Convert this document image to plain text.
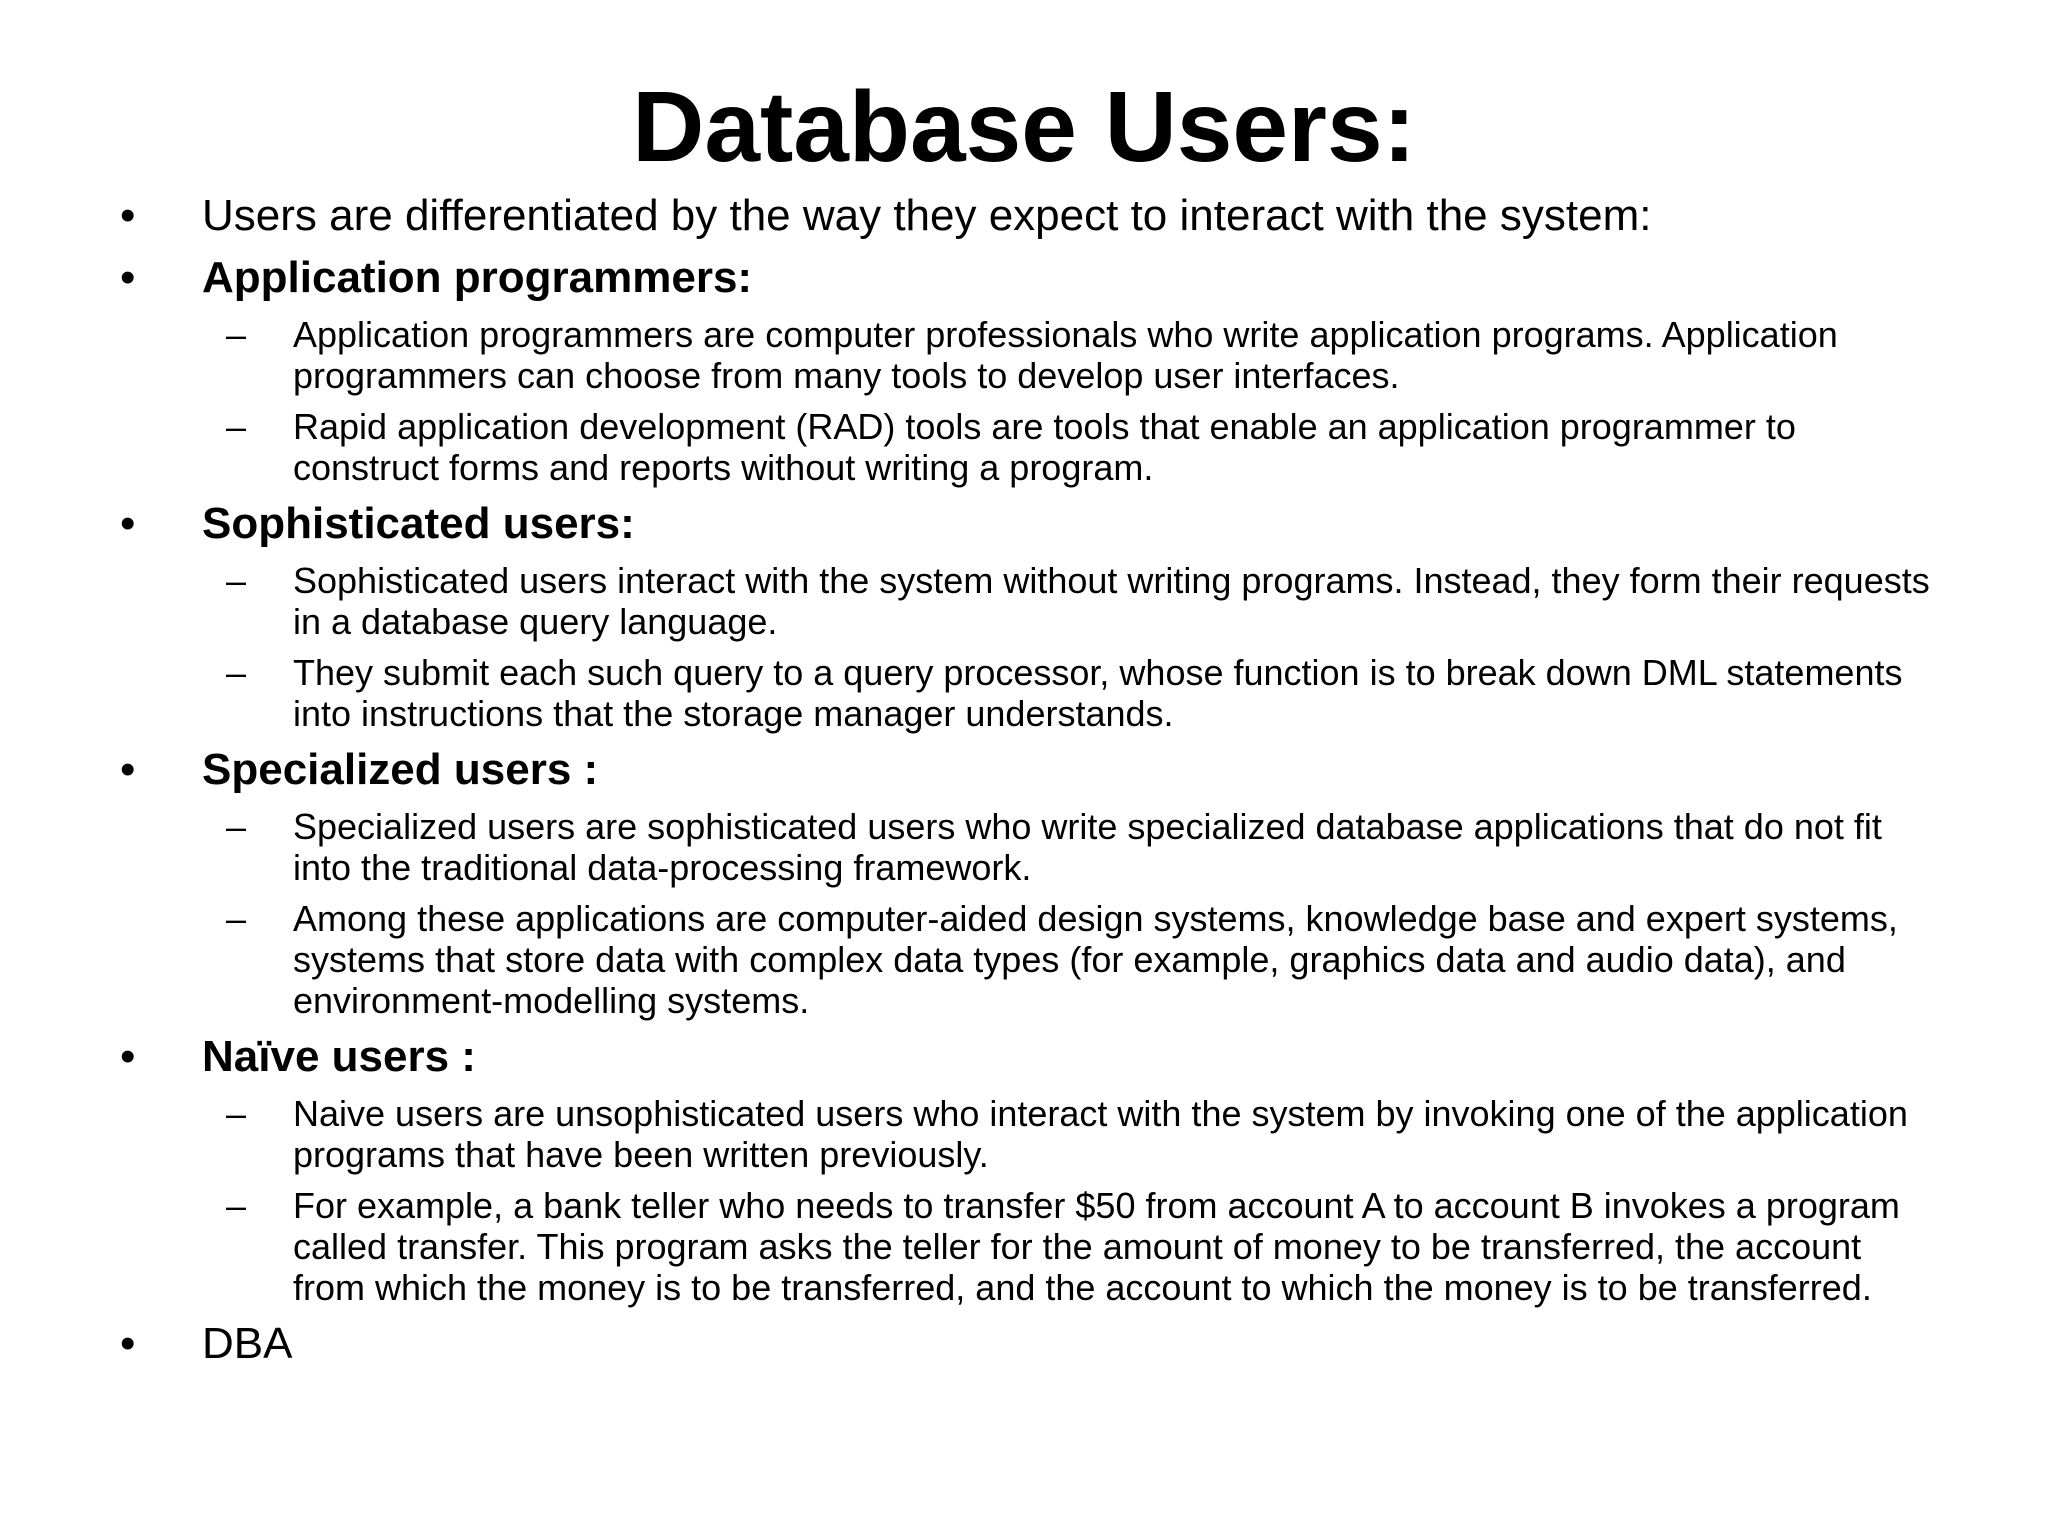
Database Users:
•	Users are differentiated by the way they expect to interact with the system:
•	Application programmers:
– Application programmers are computer professionals who write application programs. Application programmers can choose from many tools to develop user interfaces.
– Rapid application development (RAD) tools are tools that enable an application programmer to construct forms and reports without writing a program.
•	Sophisticated users:
– Sophisticated users interact with the system without writing programs. Instead, they form their requests in a database query language.
– They submit each such query to a query processor, whose function is to break down DML statements into instructions that the storage manager understands.
•	Specialized users :
– Specialized users are sophisticated users who write specialized database applications that do not fit into the traditional data-processing framework.
– Among these applications are computer-aided design systems, knowledge base and expert systems, systems that store data with complex data types (for example, graphics data and audio data), and environment-modelling systems.
•	Naïve users :
– Naive users are unsophisticated users who interact with the system by invoking one of the application programs that have been written previously.
– For example, a bank teller who needs to transfer $50 from account A to account B invokes a program called transfer. This program asks the teller for the amount of money to be transferred, the account from which the money is to be transferred, and the account to which the money is to be transferred.
•	DBA
